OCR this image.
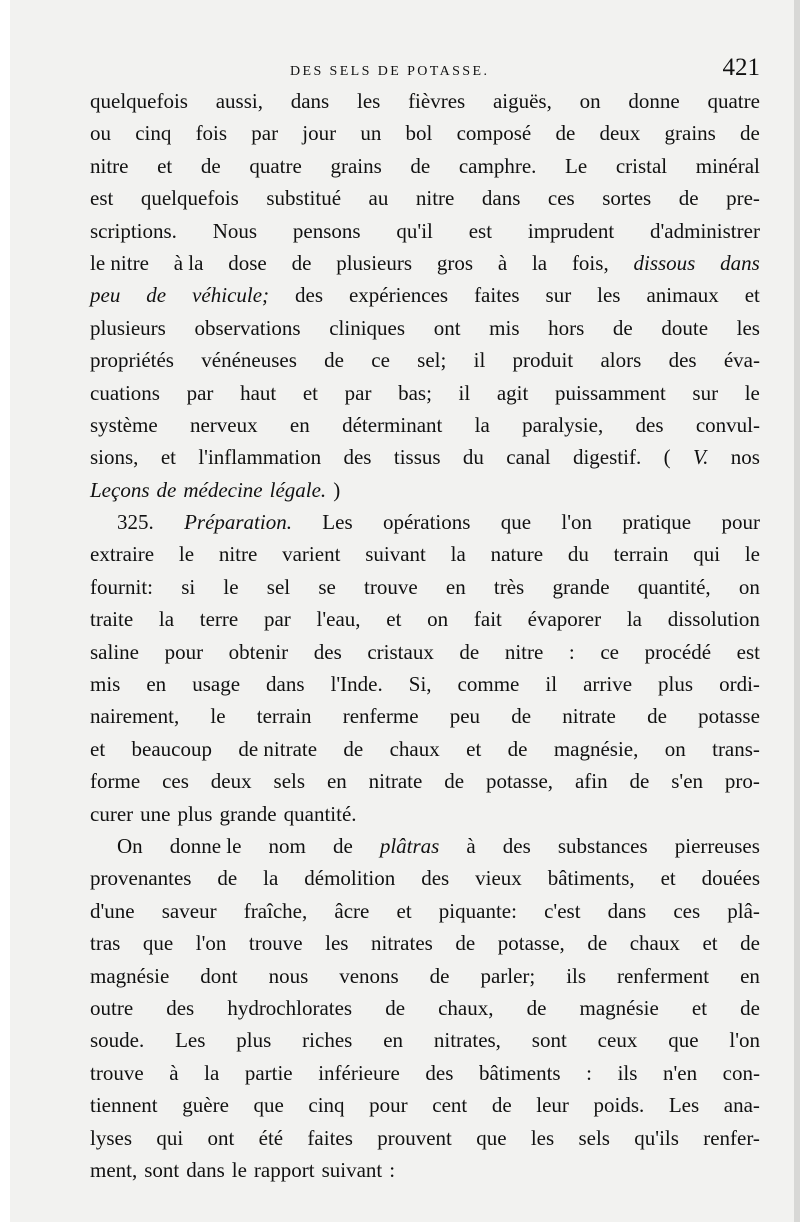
DES SELS DE POTASSE.	421
quelquefois aussi, dans les fièvres aiguës, on donne quatre
ou cinq fois par jour un bol composé de deux grains de
nitre et de quatre grains de camphre. Le cristal minéral
est quelquefois substitué au nitre dans ces sortes de pre-
scriptions. Nous pensons qu'il est imprudent d'administrer
le nitre à la dose de plusieurs gros à la fois, dissous dans
peu de véhicule; des expériences faites sur les animaux et
plusieurs observations cliniques ont mis hors de doute les
propriétés vénéneuses de ce sel; il produit alors des éva-
cuations par haut et par bas; il agit puissamment sur le
système nerveux en déterminant la paralysie, des convul-
sions, et l'inflammation des tissus du canal digestif. ( V. nos
Leçons de médecine légale. )
325. Préparation. Les opérations que l'on pratique pour
extraire le nitre varient suivant la nature du terrain qui le
fournit: si le sel se trouve en très grande quantité, on
traite la terre par l'eau, et on fait évaporer la dissolution
saline pour obtenir des cristaux de nitre : ce procédé est
mis en usage dans l'Inde. Si, comme il arrive plus ordi-
nairement, le terrain renferme peu de nitrate de potasse
et beaucoup de nitrate de chaux et de magnésie, on trans-
forme ces deux sels en nitrate de potasse, afin de s'en pro-
curer une plus grande quantité.
On donne le nom de plâtras à des substances pierreuses
provenantes de la démolition des vieux bâtiments, et douées
d'une saveur fraîche, âcre et piquante: c'est dans ces plâ-
tras que l'on trouve les nitrates de potasse, de chaux et de
magnésie dont nous venons de parler; ils renferment en
outre des hydrochlorates de chaux, de magnésie et de
soude. Les plus riches en nitrates, sont ceux que l'on
trouve à la partie inférieure des bâtiments : ils n'en con-
tiennent guère que cinq pour cent de leur poids. Les ana-
lyses qui ont été faites prouvent que les sels qu'ils renfer-
ment, sont dans le rapport suivant :
